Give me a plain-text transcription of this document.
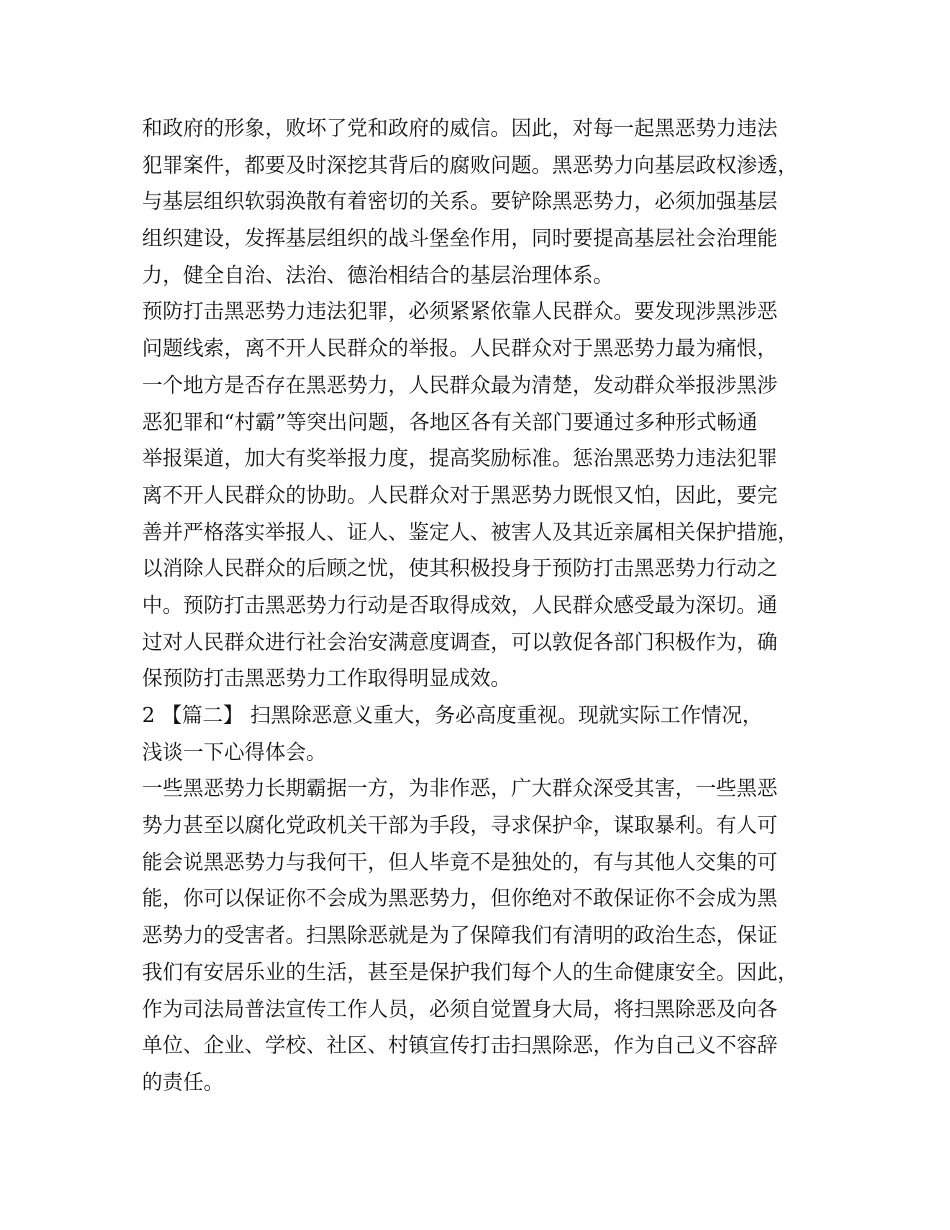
和政府的形象，败坏了党和政府的威信。因此，对每一起黑恶势力违法
犯罪案件，都要及时深挖其背后的腐败问题。黑恶势力向基层政权渗透，
与基层组织软弱涣散有着密切的关系。要铲除黑恶势力，必须加强基层
组织建设，发挥基层组织的战斗堡垒作用，同时要提高基层社会治理能
力，健全自治、法治、德治相结合的基层治理体系。
预防打击黑恶势力违法犯罪，必须紧紧依靠人民群众。要发现涉黑涉恶
问题线索，离不开人民群众的举报。人民群众对于黑恶势力最为痛恨，
一个地方是否存在黑恶势力，人民群众最为清楚，发动群众举报涉黑涉
恶犯罪和“村霸”等突出问题，各地区各有关部门要通过多种形式畅通
举报渠道，加大有奖举报力度，提高奖励标准。惩治黑恶势力违法犯罪
离不开人民群众的协助。人民群众对于黑恶势力既恨又怕，因此，要完
善并严格落实举报人、证人、鉴定人、被害人及其近亲属相关保护措施，
以消除人民群众的后顾之忧，使其积极投身于预防打击黑恶势力行动之
中。预防打击黑恶势力行动是否取得成效，人民群众感受最为深切。通
过对人民群众进行社会治安满意度调查，可以敦促各部门积极作为，确
保预防打击黑恶势力工作取得明显成效。
2 【篇二】 扫黑除恶意义重大，务必高度重视。现就实际工作情况，
浅谈一下心得体会。
一些黑恶势力长期霸据一方，为非作恶，广大群众深受其害，一些黑恶
势力甚至以腐化党政机关干部为手段，寻求保护伞，谋取暴利。有人可
能会说黑恶势力与我何干，但人毕竟不是独处的，有与其他人交集的可
能，你可以保证你不会成为黑恶势力，但你绝对不敢保证你不会成为黑
恶势力的受害者。扫黑除恶就是为了保障我们有清明的政治生态，保证
我们有安居乐业的生活，甚至是保护我们每个人的生命健康安全。因此，
作为司法局普法宣传工作人员，必须自觉置身大局，将扫黑除恶及向各
单位、企业、学校、社区、村镇宣传打击扫黑除恶，作为自己义不容辞
的责任。
